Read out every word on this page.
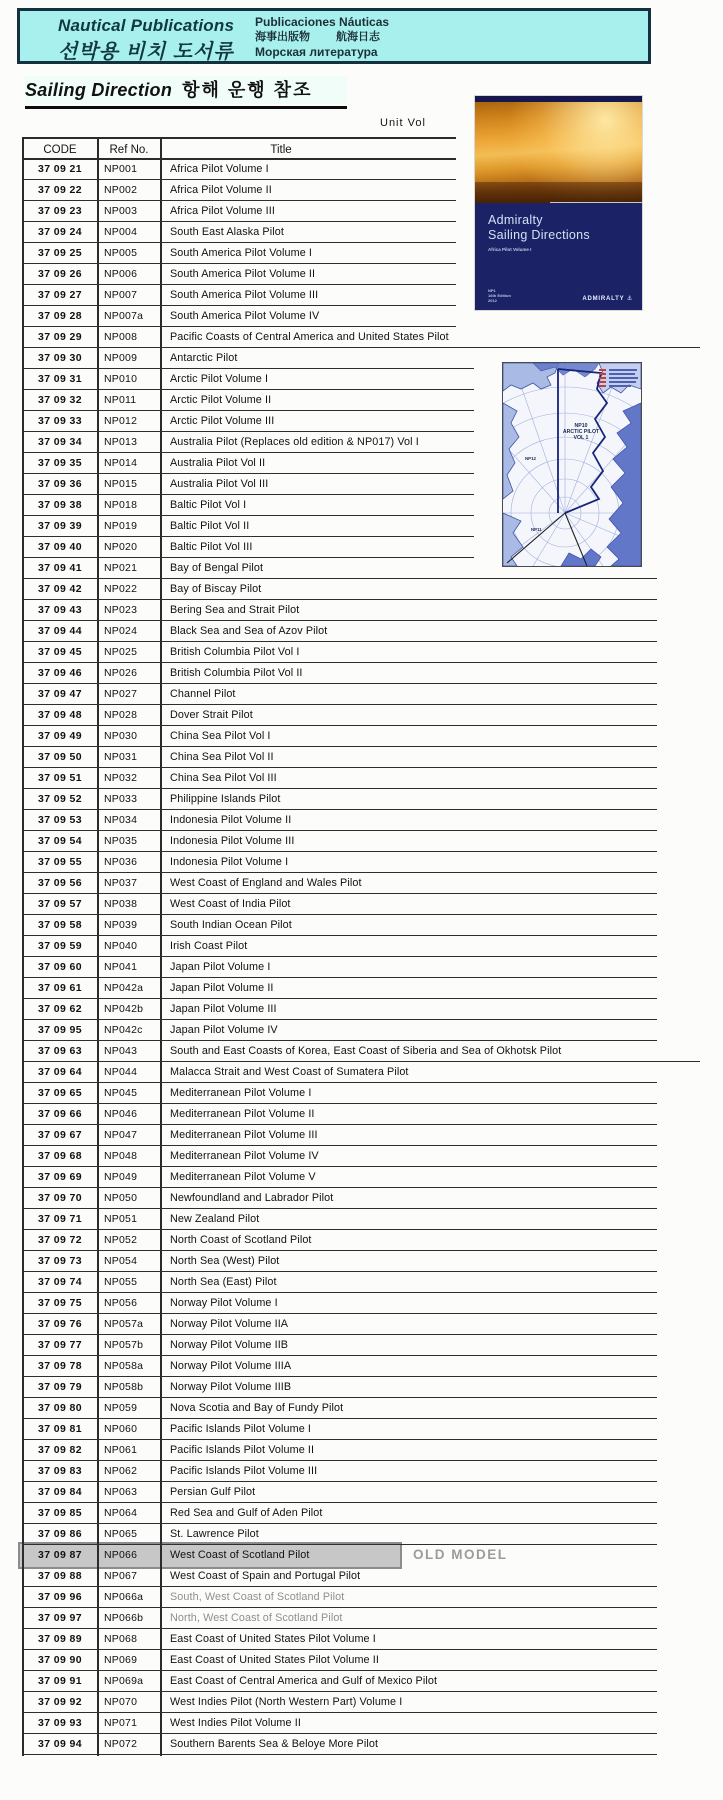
Nautical Publications
선박용 비치 도서류
Publicaciones Náuticas
海事出版物 航海日志
Морская литература
Sailing Direction 항해 운행 참조
Unit Vol
CODE	Ref No.	Title
OLD MODEL
37 09 21	NP001	Africa Pilot Volume I
37 09 22	NP002	Africa Pilot Volume II
37 09 23	NP003	Africa Pilot Volume III
37 09 24	NP004	South East Alaska Pilot
37 09 25	NP005	South America Pilot Volume I
37 09 26	NP006	South America Pilot Volume II
37 09 27	NP007	South America Pilot Volume III
37 09 28	NP007a	South America Pilot Volume IV
37 09 29	NP008	Pacific Coasts of Central America and United States Pilot
37 09 30	NP009	Antarctic Pilot
37 09 31	NP010	Arctic Pilot Volume I
37 09 32	NP011	Arctic Pilot Volume II
37 09 33	NP012	Arctic Pilot Volume III
37 09 34	NP013	Australia Pilot (Replaces old edition & NP017) Vol I
37 09 35	NP014	Australia Pilot Vol II
37 09 36	NP015	Australia Pilot Vol III
37 09 38	NP018	Baltic Pilot Vol I
37 09 39	NP019	Baltic Pilot Vol II
37 09 40	NP020	Baltic Pilot Vol III
37 09 41	NP021	Bay of Bengal Pilot
37 09 42	NP022	Bay of Biscay Pilot
37 09 43	NP023	Bering Sea and Strait Pilot
37 09 44	NP024	Black Sea and Sea of Azov Pilot
37 09 45	NP025	British Columbia Pilot Vol I
37 09 46	NP026	British Columbia Pilot Vol II
37 09 47	NP027	Channel Pilot
37 09 48	NP028	Dover Strait Pilot
37 09 49	NP030	China Sea Pilot Vol I
37 09 50	NP031	China Sea Pilot Vol II
37 09 51	NP032	China Sea Pilot Vol III
37 09 52	NP033	Philippine Islands Pilot
37 09 53	NP034	Indonesia Pilot Volume II
37 09 54	NP035	Indonesia Pilot Volume III
37 09 55	NP036	Indonesia Pilot Volume I
37 09 56	NP037	West Coast of England and Wales Pilot
37 09 57	NP038	West Coast of India Pilot
37 09 58	NP039	South Indian Ocean Pilot
37 09 59	NP040	Irish Coast Pilot
37 09 60	NP041	Japan Pilot Volume I
37 09 61	NP042a	Japan Pilot Volume II
37 09 62	NP042b	Japan Pilot Volume III
37 09 95	NP042c	Japan Pilot Volume IV
37 09 63	NP043	South and East Coasts of Korea, East Coast of Siberia and Sea of Okhotsk Pilot
37 09 64	NP044	Malacca Strait and West Coast of Sumatera Pilot
37 09 65	NP045	Mediterranean Pilot Volume I
37 09 66	NP046	Mediterranean Pilot Volume II
37 09 67	NP047	Mediterranean Pilot Volume III
37 09 68	NP048	Mediterranean Pilot Volume IV
37 09 69	NP049	Mediterranean Pilot Volume V
37 09 70	NP050	Newfoundland and Labrador Pilot
37 09 71	NP051	New Zealand Pilot
37 09 72	NP052	North Coast of Scotland Pilot
37 09 73	NP054	North Sea (West) Pilot
37 09 74	NP055	North Sea (East) Pilot
37 09 75	NP056	Norway Pilot Volume I
37 09 76	NP057a	Norway Pilot Volume IIA
37 09 77	NP057b	Norway Pilot Volume IIB
37 09 78	NP058a	Norway Pilot Volume IIIA
37 09 79	NP058b	Norway Pilot Volume IIIB
37 09 80	NP059	Nova Scotia and Bay of Fundy Pilot
37 09 81	NP060	Pacific Islands Pilot Volume I
37 09 82	NP061	Pacific Islands Pilot Volume II
37 09 83	NP062	Pacific Islands Pilot Volume III
37 09 84	NP063	Persian Gulf Pilot
37 09 85	NP064	Red Sea and Gulf of Aden Pilot
37 09 86	NP065	St. Lawrence Pilot
37 09 87	NP066	West Coast of Scotland Pilot
37 09 88	NP067	West Coast of Spain and Portugal Pilot
37 09 96	NP066a	South, West Coast of Scotland Pilot
37 09 97	NP066b	North, West Coast of Scotland Pilot
37 09 89	NP068	East Coast of United States Pilot Volume I
37 09 90	NP069	East Coast of United States Pilot Volume II
37 09 91	NP069a	East Coast of Central America and Gulf of Mexico Pilot
37 09 92	NP070	West Indies Pilot (North Western Part) Volume I
37 09 93	NP071	West Indies Pilot Volume II
37 09 94	NP072	Southern Barents Sea & Beloye More Pilot
Admiralty
Sailing Directions
Africa Pilot Volume I
NP1
16th Edition
2012	ADMIRALTY ⚓
NP10
ARCTIC PILOT
VOL 1
NP12
NP11
